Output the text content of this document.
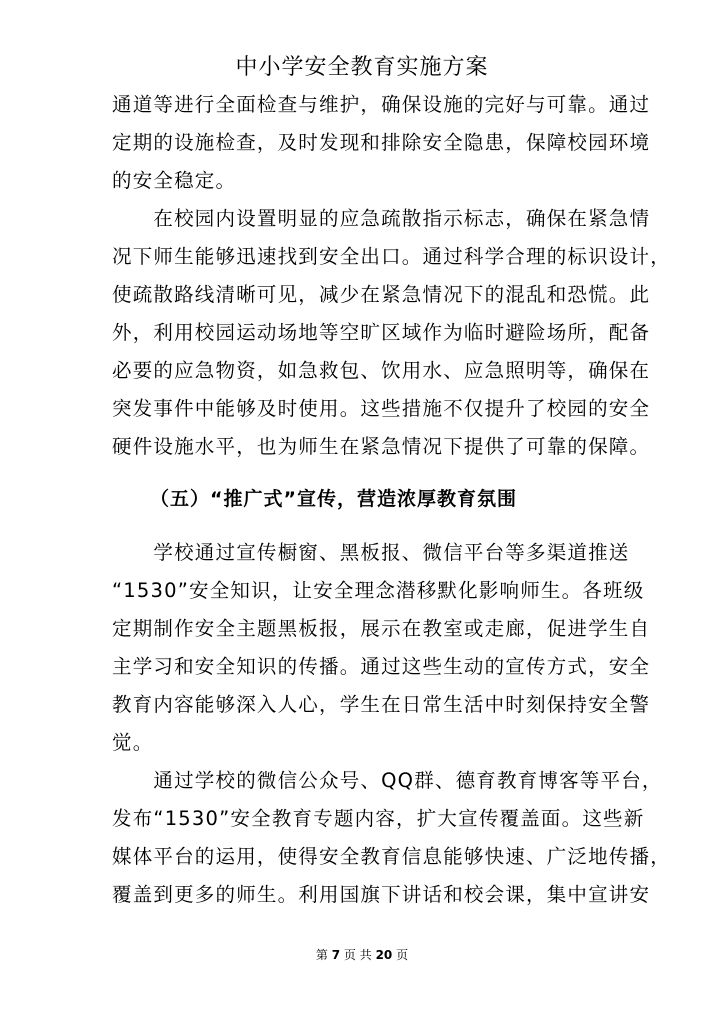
中小学安全教育实施方案
通道等进行全面检查与维护，确保设施的完好与可靠。通过
定期的设施检查，及时发现和排除安全隐患，保障校园环境
的安全稳定。
　　在校园内设置明显的应急疏散指示标志，确保在紧急情
况下师生能够迅速找到安全出口。通过科学合理的标识设计，
使疏散路线清晰可见，减少在紧急情况下的混乱和恐慌。此
外，利用校园运动场地等空旷区域作为临时避险场所，配备
必要的应急物资，如急救包、饮用水、应急照明等，确保在
突发事件中能够及时使用。这些措施不仅提升了校园的安全
硬件设施水平，也为师生在紧急情况下提供了可靠的保障。
（五）“推广式”宣传，营造浓厚教育氛围
　　学校通过宣传橱窗、黑板报、微信平台等多渠道推送
“1530”安全知识，让安全理念潜移默化影响师生。各班级
定期制作安全主题黑板报，展示在教室或走廊，促进学生自
主学习和安全知识的传播。通过这些生动的宣传方式，安全
教育内容能够深入人心，学生在日常生活中时刻保持安全警
觉。
　　通过学校的微信公众号、QQ群、德育教育博客等平台，
发布“1530”安全教育专题内容，扩大宣传覆盖面。这些新
媒体平台的运用，使得安全教育信息能够快速、广泛地传播，
覆盖到更多的师生。利用国旗下讲话和校会课，集中宣讲安
第 7 页 共 20 页
